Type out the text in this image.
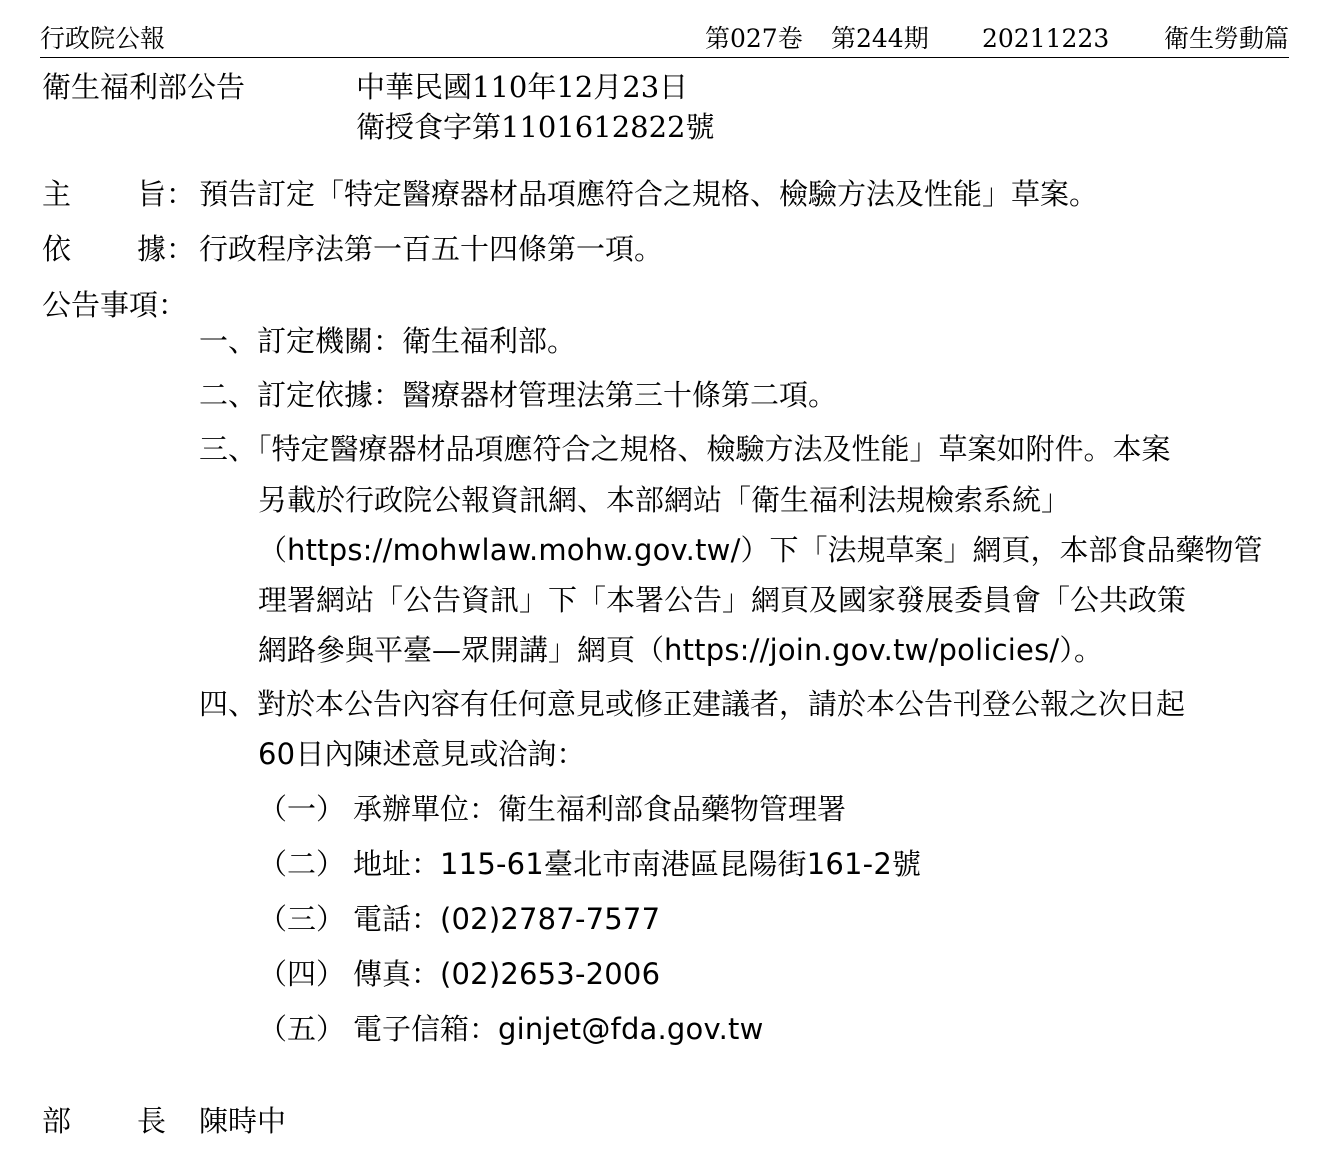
行政院公報	第027卷 第244期 20211223 衛生勞動篇
衛生福利部公告	中華民國110年12月23日
衛授食字第1101612822號
主 旨： 預告訂定「特定醫療器材品項應符合之規格、檢驗方法及性能」草案。
依 據： 行政程序法第一百五十四條第一項。
公告事項：
一、訂定機關：衛生福利部。
二、訂定依據：醫療器材管理法第三十條第二項。
三、「特定醫療器材品項應符合之規格、檢驗方法及性能」草案如附件。本案
另載於行政院公報資訊網、本部網站「衛生福利法規檢索系統」
（https://mohwlaw.mohw.gov.tw/）下「法規草案」網頁，本部食品藥物管
理署網站「公告資訊」下「本署公告」網頁及國家發展委員會「公共政策
網路參與平臺—眾開講」網頁（https://join.gov.tw/policies/）。
四、對於本公告內容有任何意見或修正建議者，請於本公告刊登公報之次日起
60日內陳述意見或洽詢：
（一） 承辦單位：衛生福利部食品藥物管理署
（二） 地址：115-61臺北市南港區昆陽街161-2號
（三） 電話：(02)2787-7577
（四） 傳真：(02)2653-2006
（五） 電子信箱：ginjet@fda.gov.tw
部 長 陳時中
